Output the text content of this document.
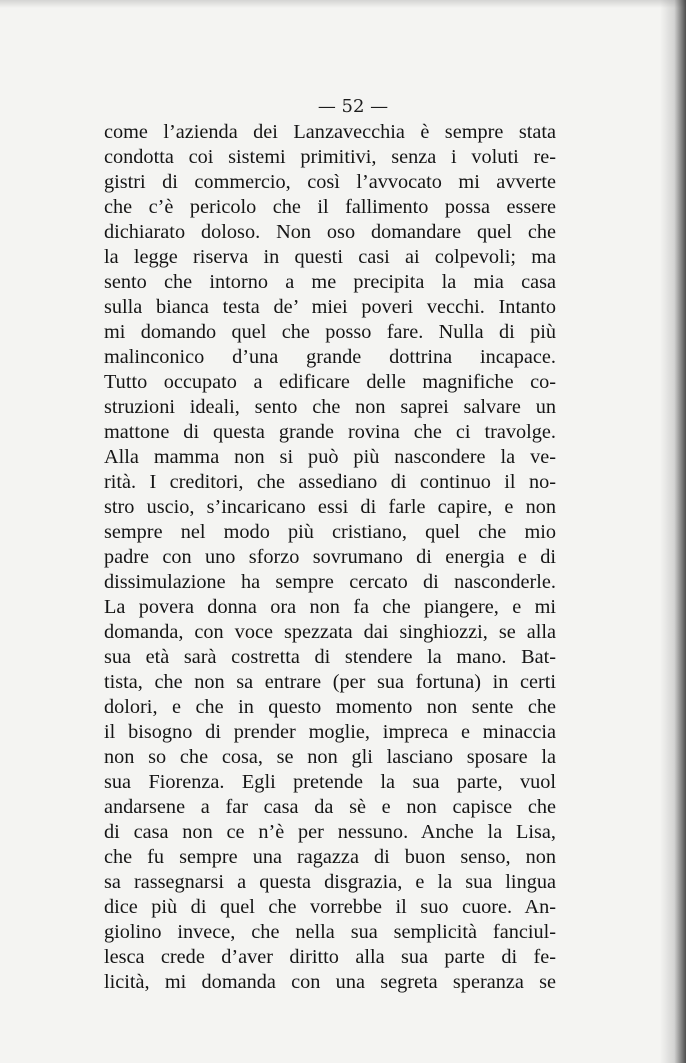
— 52 —
come l’azienda dei Lanzavecchia è sempre stata
condotta coi sistemi primitivi, senza i voluti re-
gistri di commercio, così l’avvocato mi avverte
che c’è pericolo che il fallimento possa essere
dichiarato doloso. Non oso domandare quel che
la legge riserva in questi casi ai colpevoli; ma
sento che intorno a me precipita la mia casa
sulla bianca testa de’ miei poveri vecchi. Intanto
mi domando quel che posso fare. Nulla di più
malinconico d’una grande dottrina incapace.
Tutto occupato a edificare delle magnifiche co-
struzioni ideali, sento che non saprei salvare un
mattone di questa grande rovina che ci travolge.
Alla mamma non si può più nascondere la ve-
rità. I creditori, che assediano di continuo il no-
stro uscio, s’incaricano essi di farle capire, e non
sempre nel modo più cristiano, quel che mio
padre con uno sforzo sovrumano di energia e di
dissimulazione ha sempre cercato di nasconderle.
La povera donna ora non fa che piangere, e mi
domanda, con voce spezzata dai singhiozzi, se alla
sua età sarà costretta di stendere la mano. Bat-
tista, che non sa entrare (per sua fortuna) in certi
dolori, e che in questo momento non sente che
il bisogno di prender moglie, impreca e minaccia
non so che cosa, se non gli lasciano sposare la
sua Fiorenza. Egli pretende la sua parte, vuol
andarsene a far casa da sè e non capisce che
di casa non ce n’è per nessuno. Anche la Lisa,
che fu sempre una ragazza di buon senso, non
sa rassegnarsi a questa disgrazia, e la sua lingua
dice più di quel che vorrebbe il suo cuore. An-
giolino invece, che nella sua semplicità fanciul-
lesca crede d’aver diritto alla sua parte di fe-
licità, mi domanda con una segreta speranza se
